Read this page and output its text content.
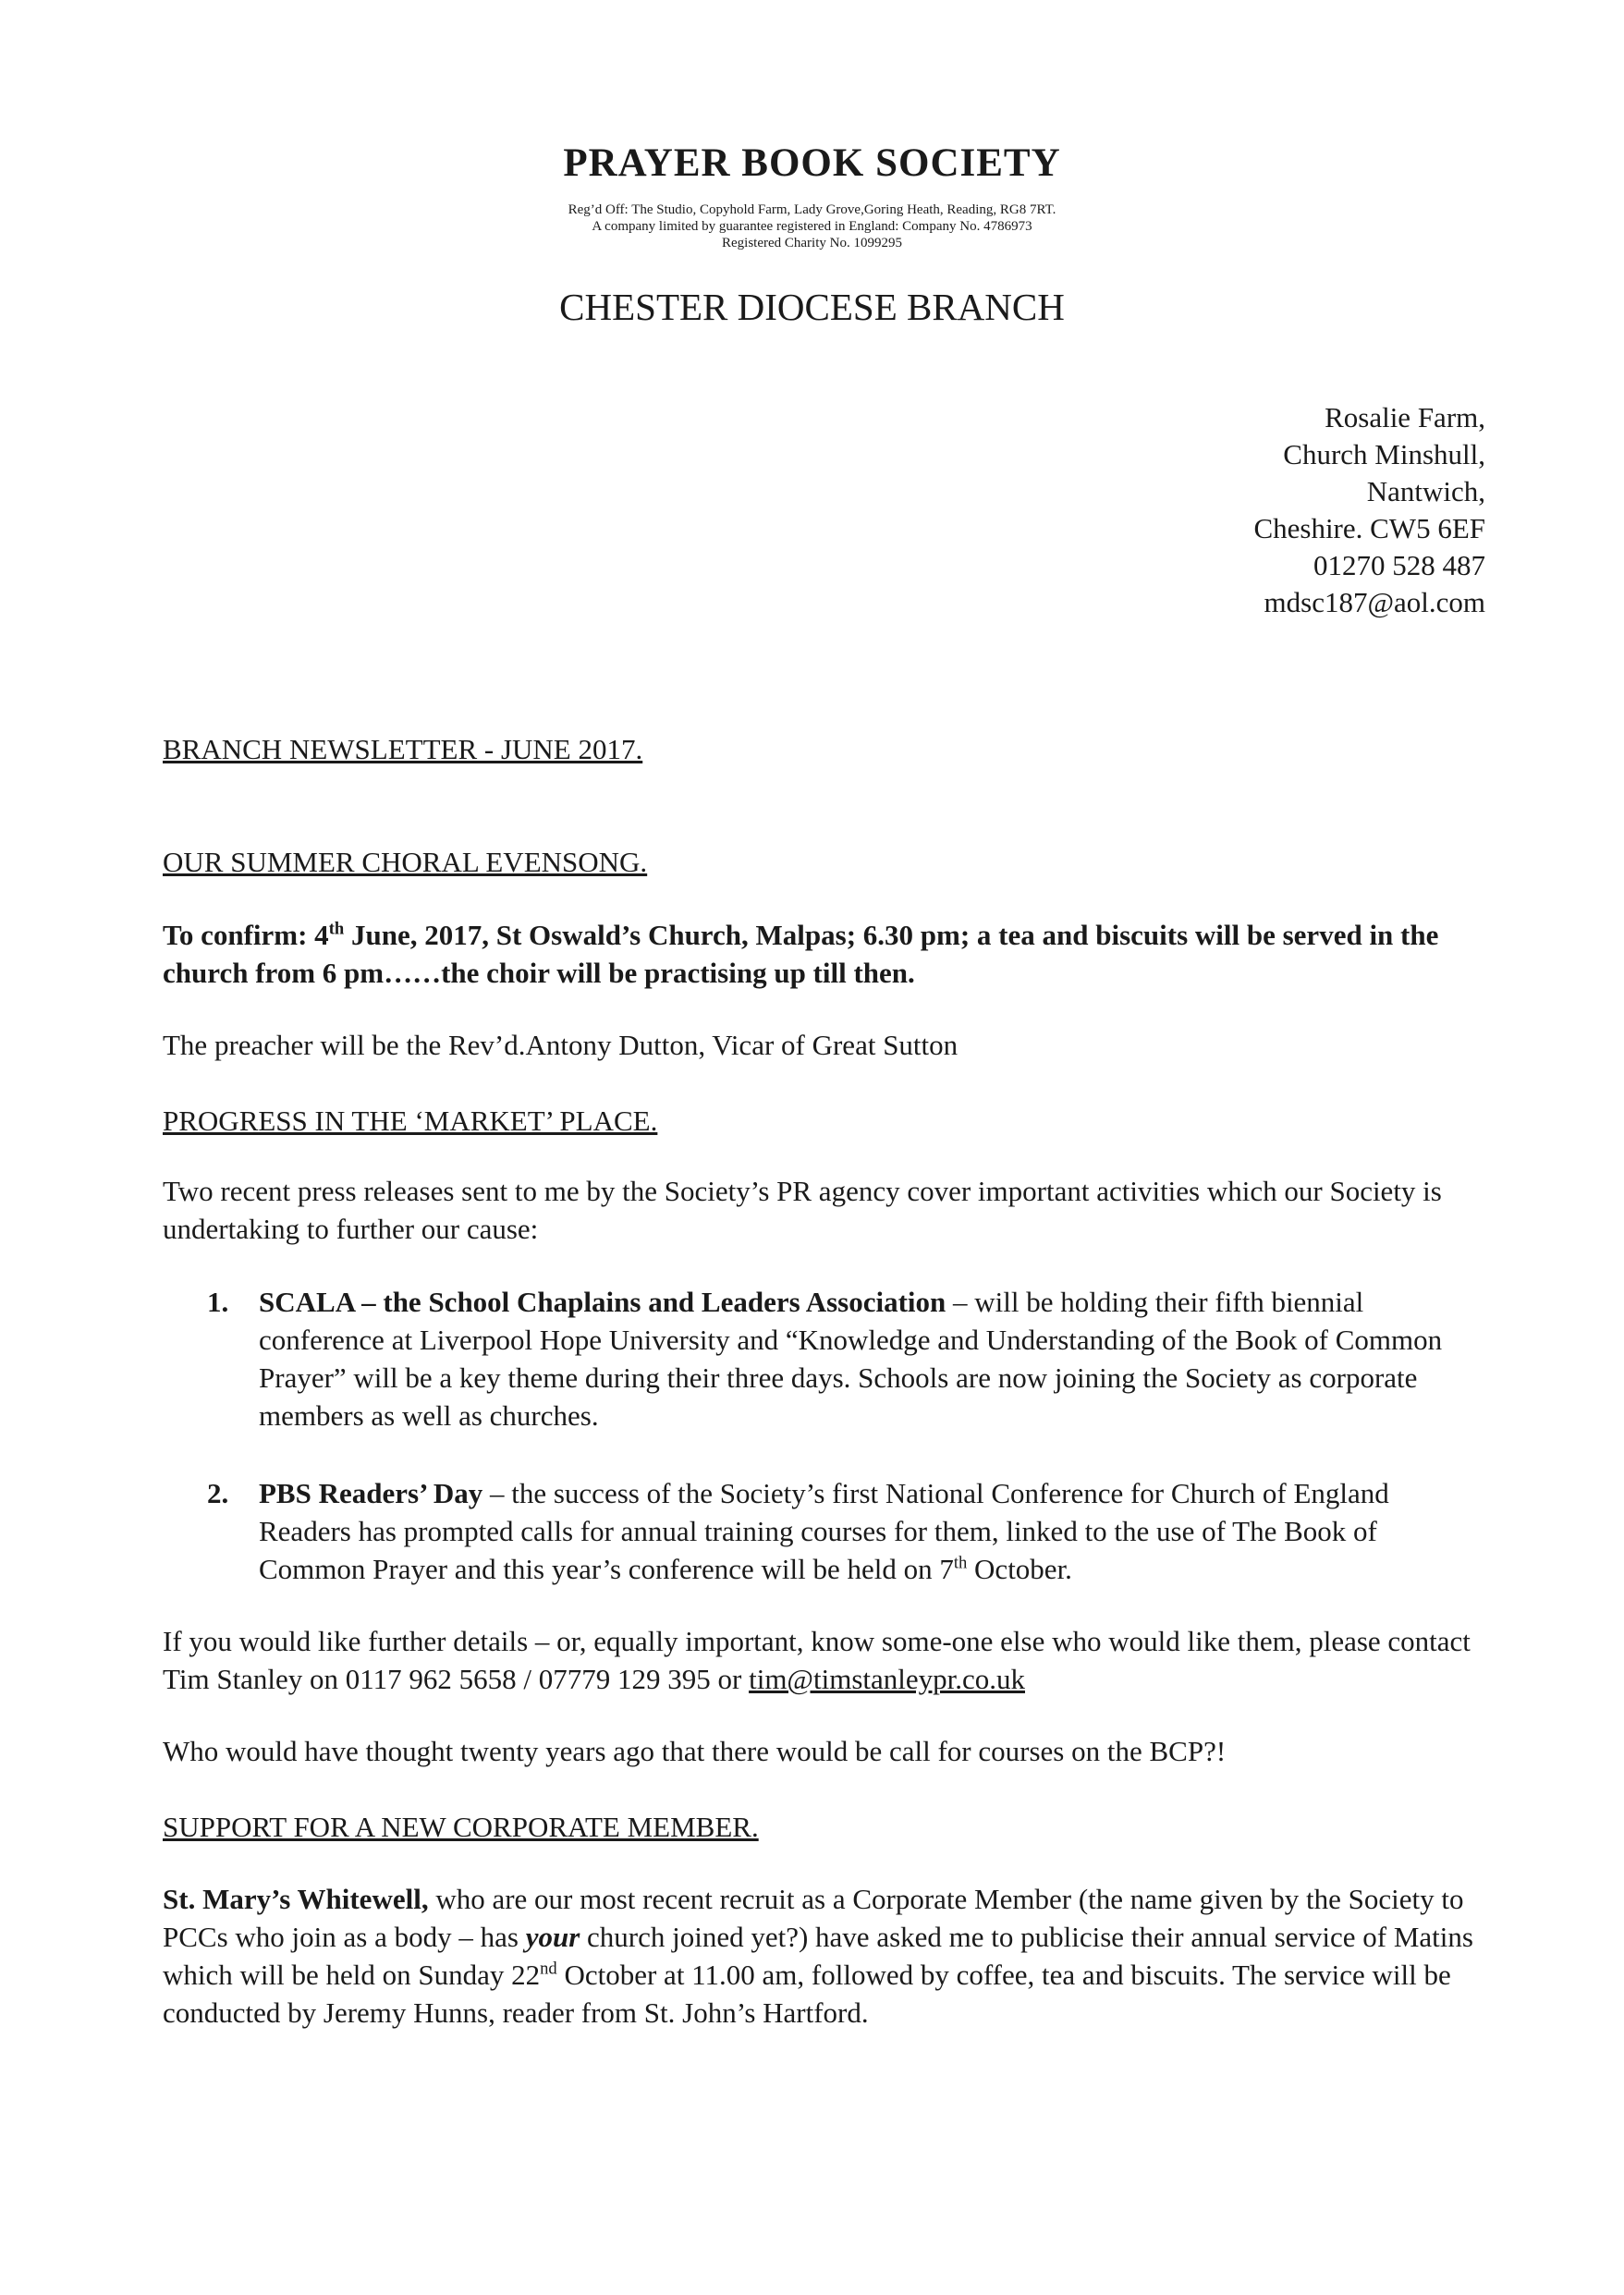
PRAYER BOOK SOCIETY
Reg’d Off: The Studio, Copyhold Farm, Lady Grove,Goring Heath, Reading, RG8 7RT.
A company limited by guarantee registered in England: Company No. 4786973
Registered Charity No. 1099295
CHESTER DIOCESE BRANCH
Rosalie Farm,
Church Minshull,
Nantwich,
Cheshire. CW5 6EF
01270 528 487
mdsc187@aol.com
BRANCH NEWSLETTER - JUNE 2017.
OUR SUMMER CHORAL EVENSONG.
To confirm: 4th June, 2017, St Oswald’s Church, Malpas; 6.30 pm; a tea and biscuits will be served in the church from 6 pm……the choir will be practising up till then.
The preacher will be the Rev’d.Antony Dutton, Vicar of Great Sutton
PROGRESS IN THE ‘MARKET’ PLACE.
Two recent press releases sent to me by the Society’s PR agency cover important activities which our Society is undertaking to further our cause:
1.	SCALA – the School Chaplains and Leaders Association – will be holding their fifth biennial conference at Liverpool Hope University and “Knowledge and Understanding of the Book of Common Prayer” will be a key theme during their three days. Schools are now joining the Society as corporate members as well as churches.
2.	PBS Readers’ Day – the success of the Society’s first National Conference for Church of England Readers has prompted calls for annual training courses for them, linked to the use of The Book of Common Prayer and this year’s conference will be held on 7th October.
If you would like further details – or, equally important, know some-one else who would like them, please contact Tim Stanley on 0117 962 5658 / 07779 129 395 or tim@timstanleypr.co.uk
Who would have thought twenty years ago that there would be call for courses on the BCP?!
SUPPORT FOR A NEW CORPORATE MEMBER.
St. Mary’s Whitewell, who are our most recent recruit as a Corporate Member (the name given by the Society to PCCs who join as a body – has your church joined yet?) have asked me to publicise their annual service of Matins which will be held on Sunday 22nd October at 11.00 am, followed by coffee, tea and biscuits. The service will be conducted by Jeremy Hunns, reader from St. John’s Hartford.
